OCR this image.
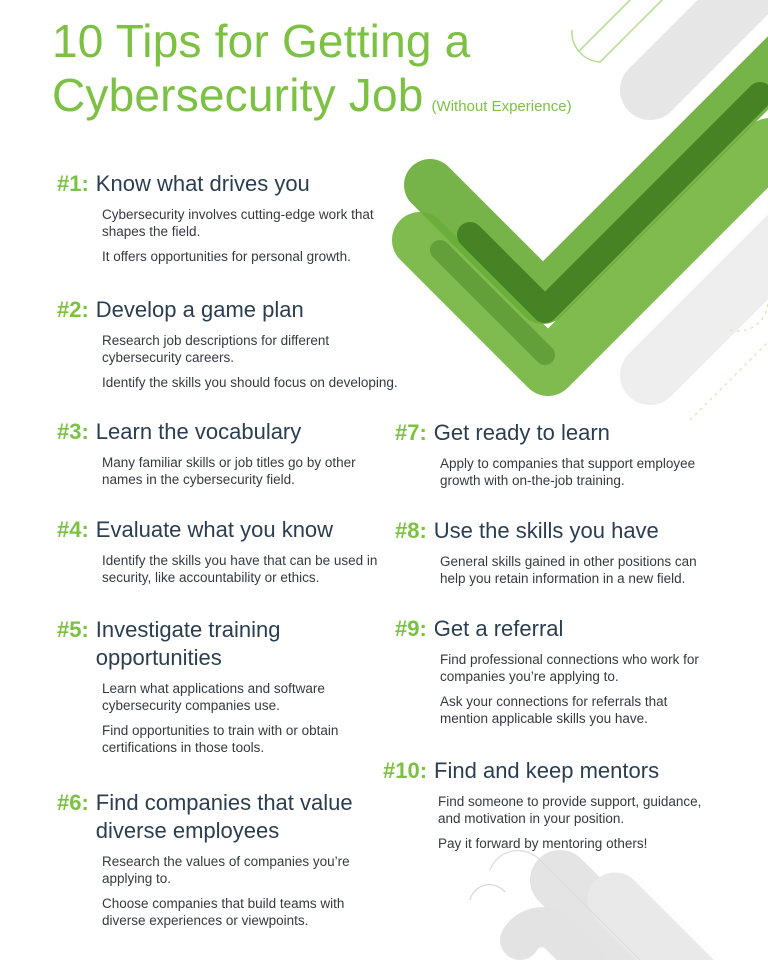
10 Tips for Getting a
Cybersecurity Job (Without Experience)
#1: Know what drives you

Cybersecurity involves cutting-edge work that shapes the field.

It offers opportunities for personal growth.

#2: Develop a game plan

Research job descriptions for different cybersecurity careers.

Identify the skills you should focus on developing.

#3: Learn the vocabulary

Many familiar skills or job titles go by other names in the cybersecurity field.

#4: Evaluate what you know

Identify the skills you have that can be used in security, like accountability or ethics.

#5: Investigate training opportunities

Learn what applications and software cybersecurity companies use.

Find opportunities to train with or obtain certifications in those tools.

#6: Find companies that value diverse employees

Research the values of companies you’re applying to.

Choose companies that build teams with diverse experiences or viewpoints.

#7: Get ready to learn

Apply to companies that support employee growth with on-the-job training.

#8: Use the skills you have

General skills gained in other positions can help you retain information in a new field.

#9: Get a referral

Find professional connections who work for companies you’re applying to.

Ask your connections for referrals that mention applicable skills you have.

#10: Find and keep mentors

Find someone to provide support, guidance, and motivation in your position.

Pay it forward by mentoring others!
